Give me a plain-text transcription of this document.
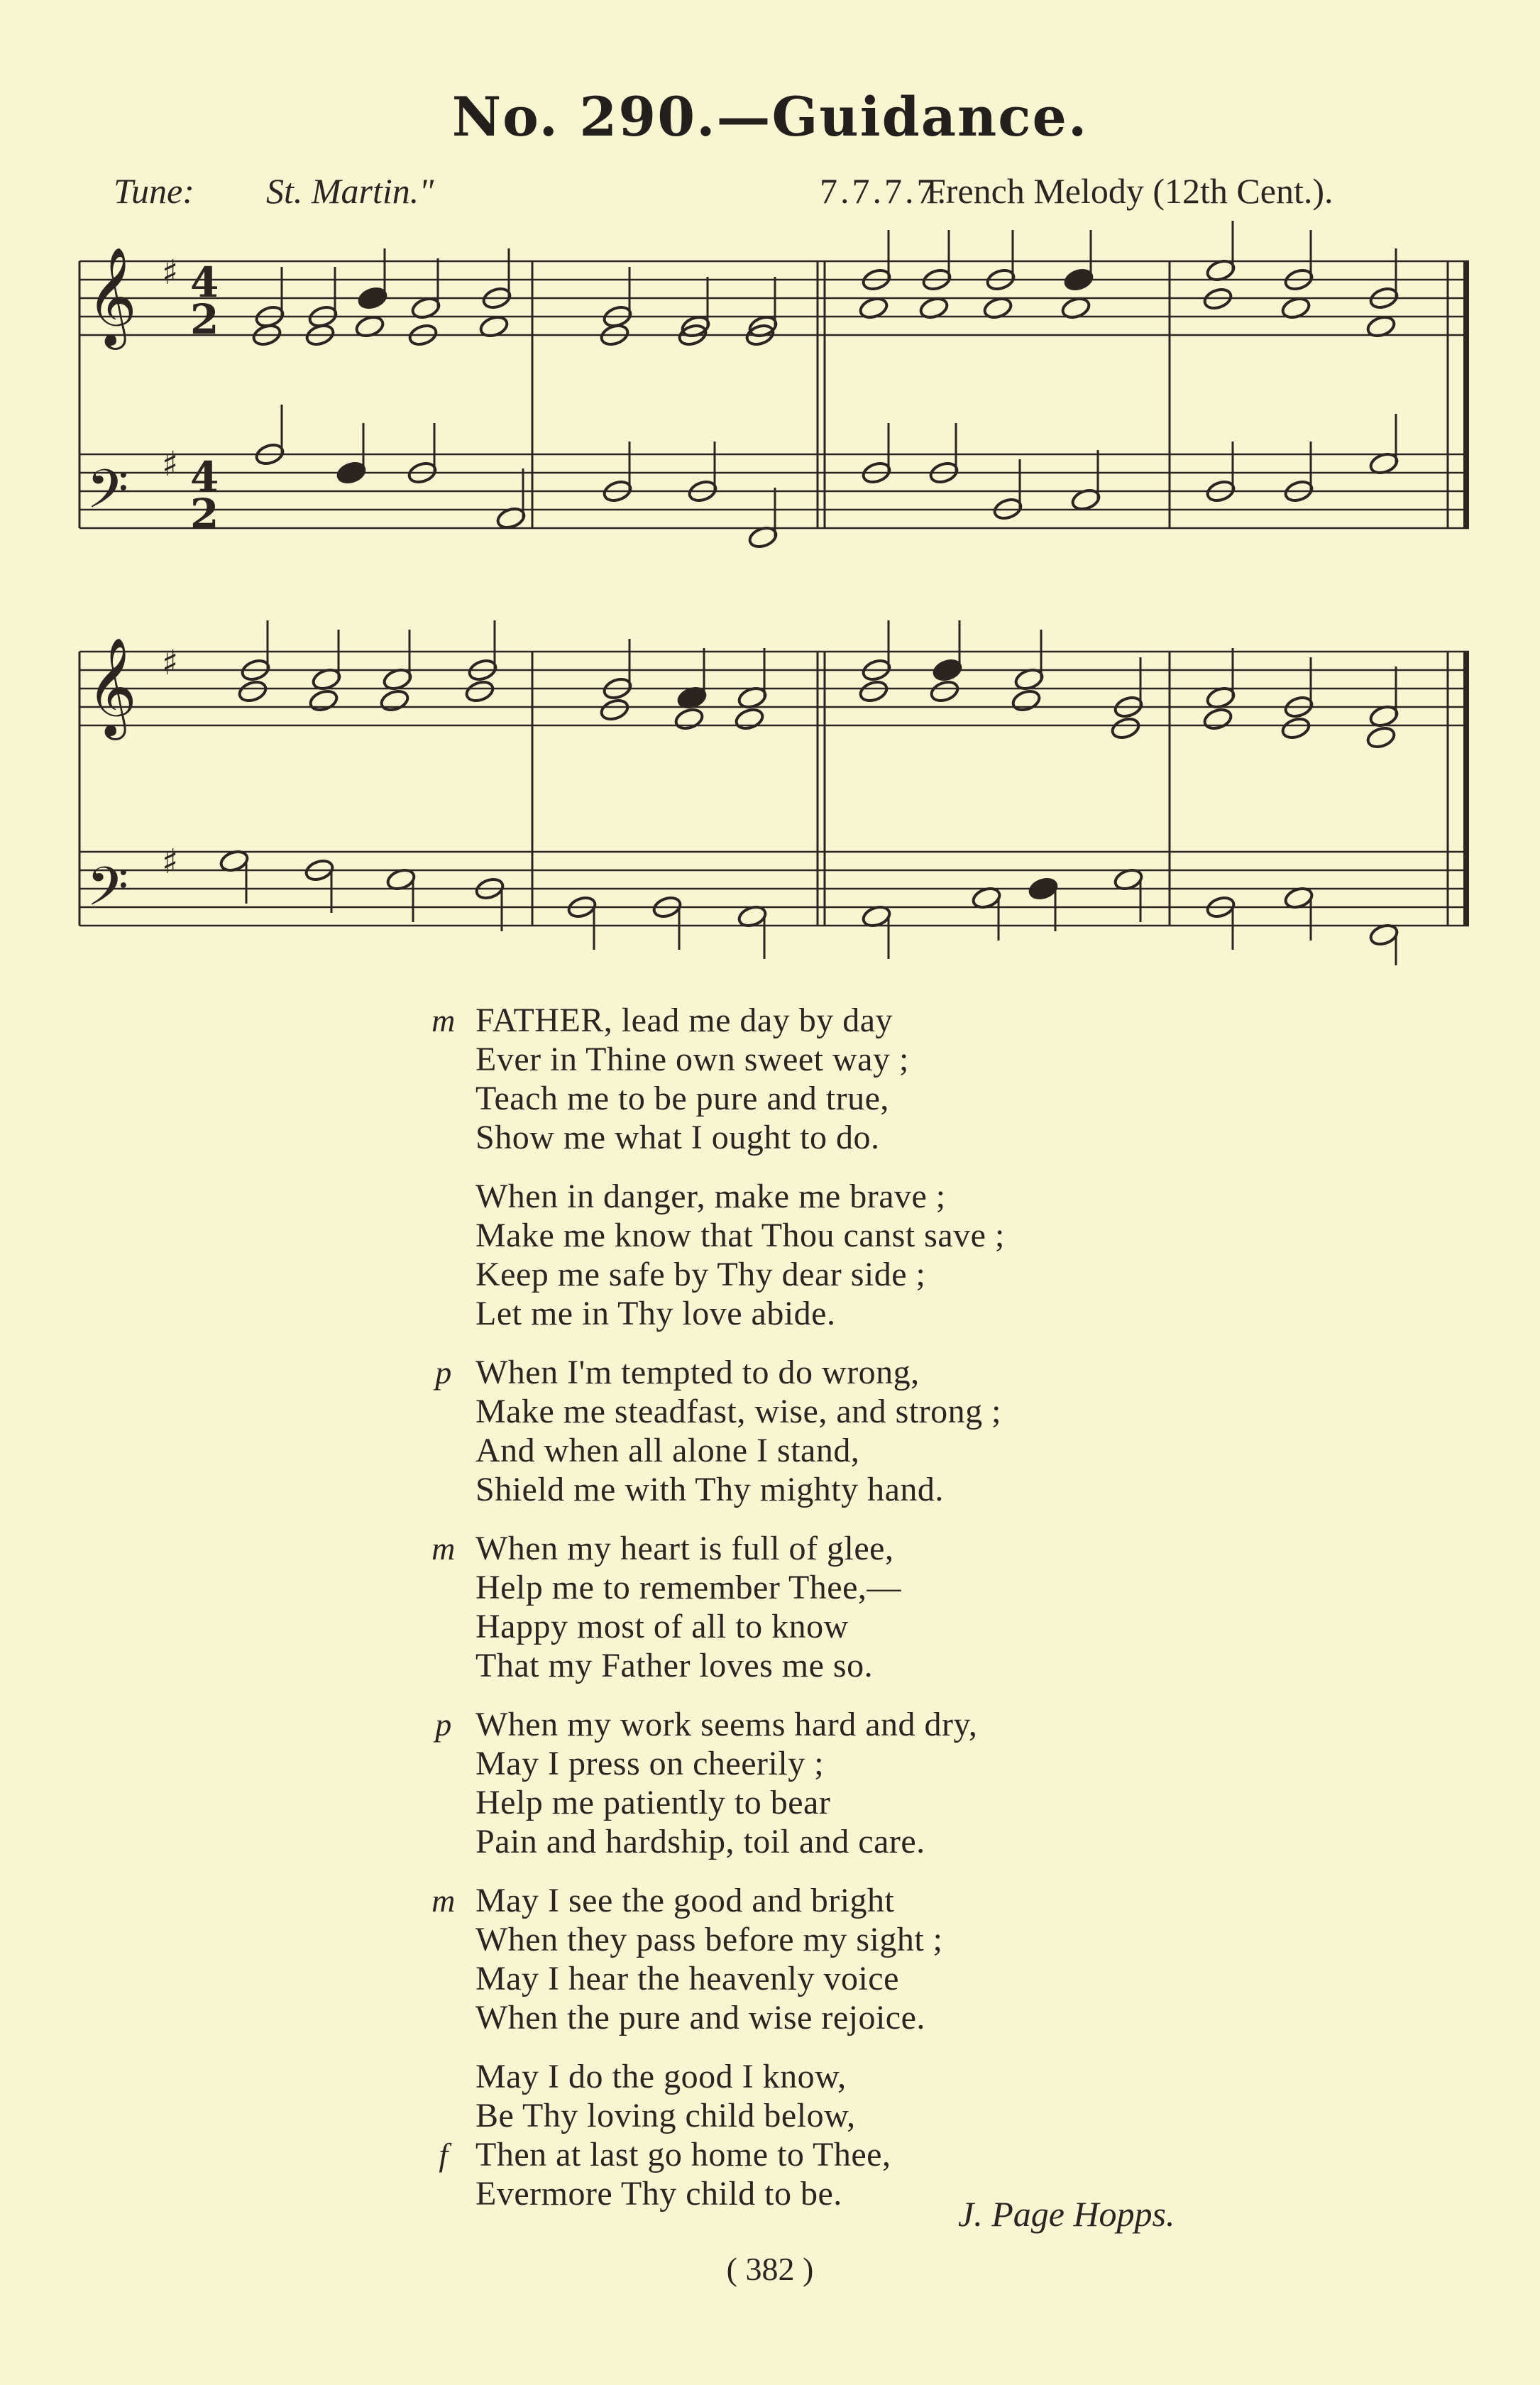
No. 290.—Guidance.
Tune: St. Martin."	7.7.7.7.
French Melody (12th Cent.).
𝄞
𝄢
𝄞
𝄢
♯
♯
♯
♯
4
2
4
2
m FATHER, lead me day by day
Ever in Thine own sweet way ;
Teach me to be pure and true,
Show me what I ought to do.
When in danger, make me brave ;
Make me know that Thou canst save ;
Keep me safe by Thy dear side ;
Let me in Thy love abide.
p When I'm tempted to do wrong,
Make me steadfast, wise, and strong ;
And when all alone I stand,
Shield me with Thy mighty hand.
m When my heart is full of glee,
Help me to remember Thee,—
Happy most of all to know
That my Father loves me so.
p When my work seems hard and dry,
May I press on cheerily ;
Help me patiently to bear
Pain and hardship, toil and care.
m May I see the good and bright
When they pass before my sight ;
May I hear the heavenly voice
When the pure and wise rejoice.
May I do the good I know,
Be Thy loving child below,
f Then at last go home to Thee,
Evermore Thy child to be.
J. Page Hopps.
( 382 )
